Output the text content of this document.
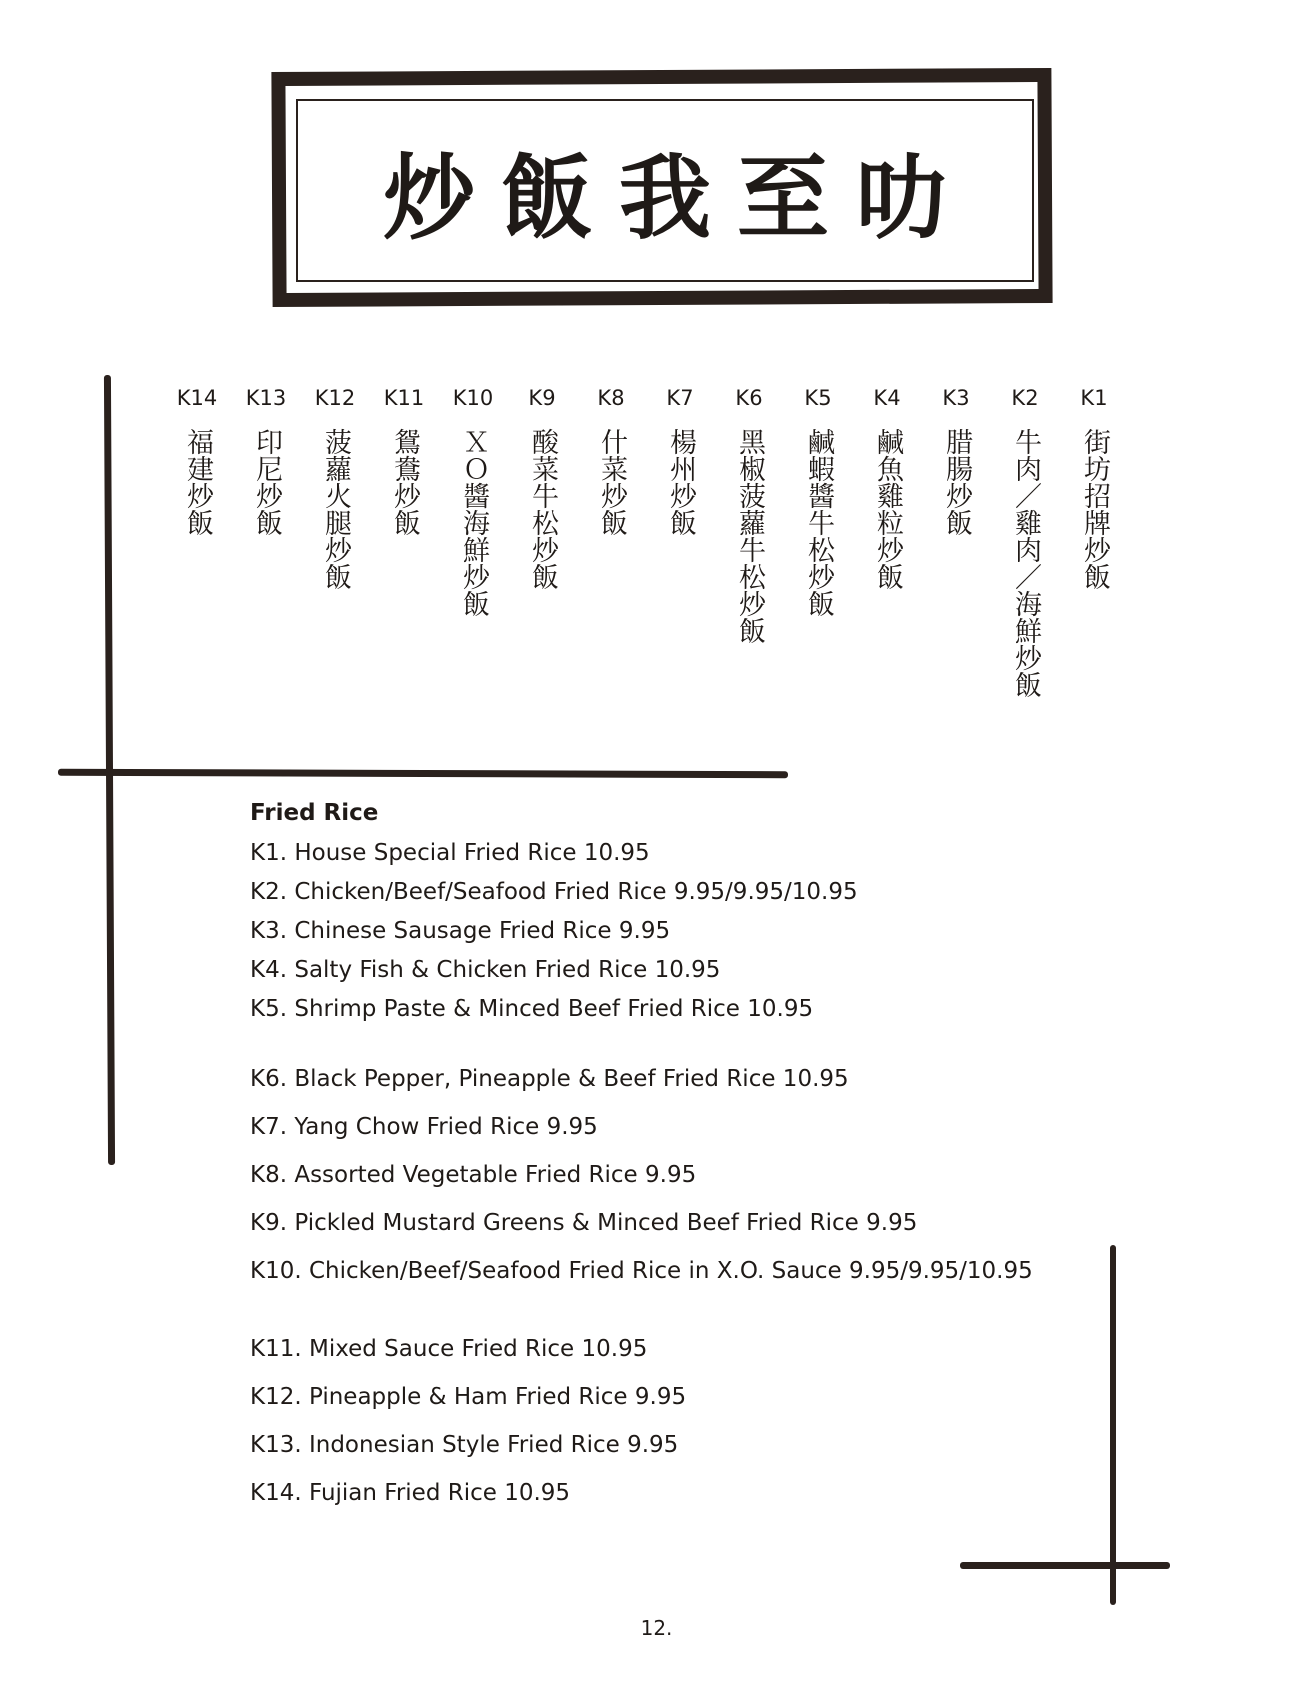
炒飯我至叻
K14
福建炒飯
K13
印尼炒飯
K12
菠蘿火腿炒飯
K11
鴛鴦炒飯
K10
ＸＯ醬海鮮炒飯
K9
酸菜牛松炒飯
K8
什菜炒飯
K7
楊州炒飯
K6
黑椒菠蘿牛松炒飯
K5
鹹蝦醬牛松炒飯
K4
鹹魚雞粒炒飯
K3
腊腸炒飯
K2
牛肉／雞肉／海鮮炒飯
K1
街坊招牌炒飯
Fried Rice
K1. House Special Fried Rice 10.95
K2. Chicken/Beef/Seafood Fried Rice 9.95/9.95/10.95
K3. Chinese Sausage Fried Rice 9.95
K4. Salty Fish & Chicken Fried Rice 10.95
K5. Shrimp Paste & Minced Beef Fried Rice 10.95
K6. Black Pepper, Pineapple & Beef Fried Rice 10.95
K7. Yang Chow Fried Rice 9.95
K8. Assorted Vegetable Fried Rice 9.95
K9. Pickled Mustard Greens & Minced Beef Fried Rice 9.95
K10. Chicken/Beef/Seafood Fried Rice in X.O. Sauce 9.95/9.95/10.95
K11. Mixed Sauce Fried Rice 10.95
K12. Pineapple & Ham Fried Rice 9.95
K13. Indonesian Style Fried Rice 9.95
K14. Fujian Fried Rice 10.95
12.
